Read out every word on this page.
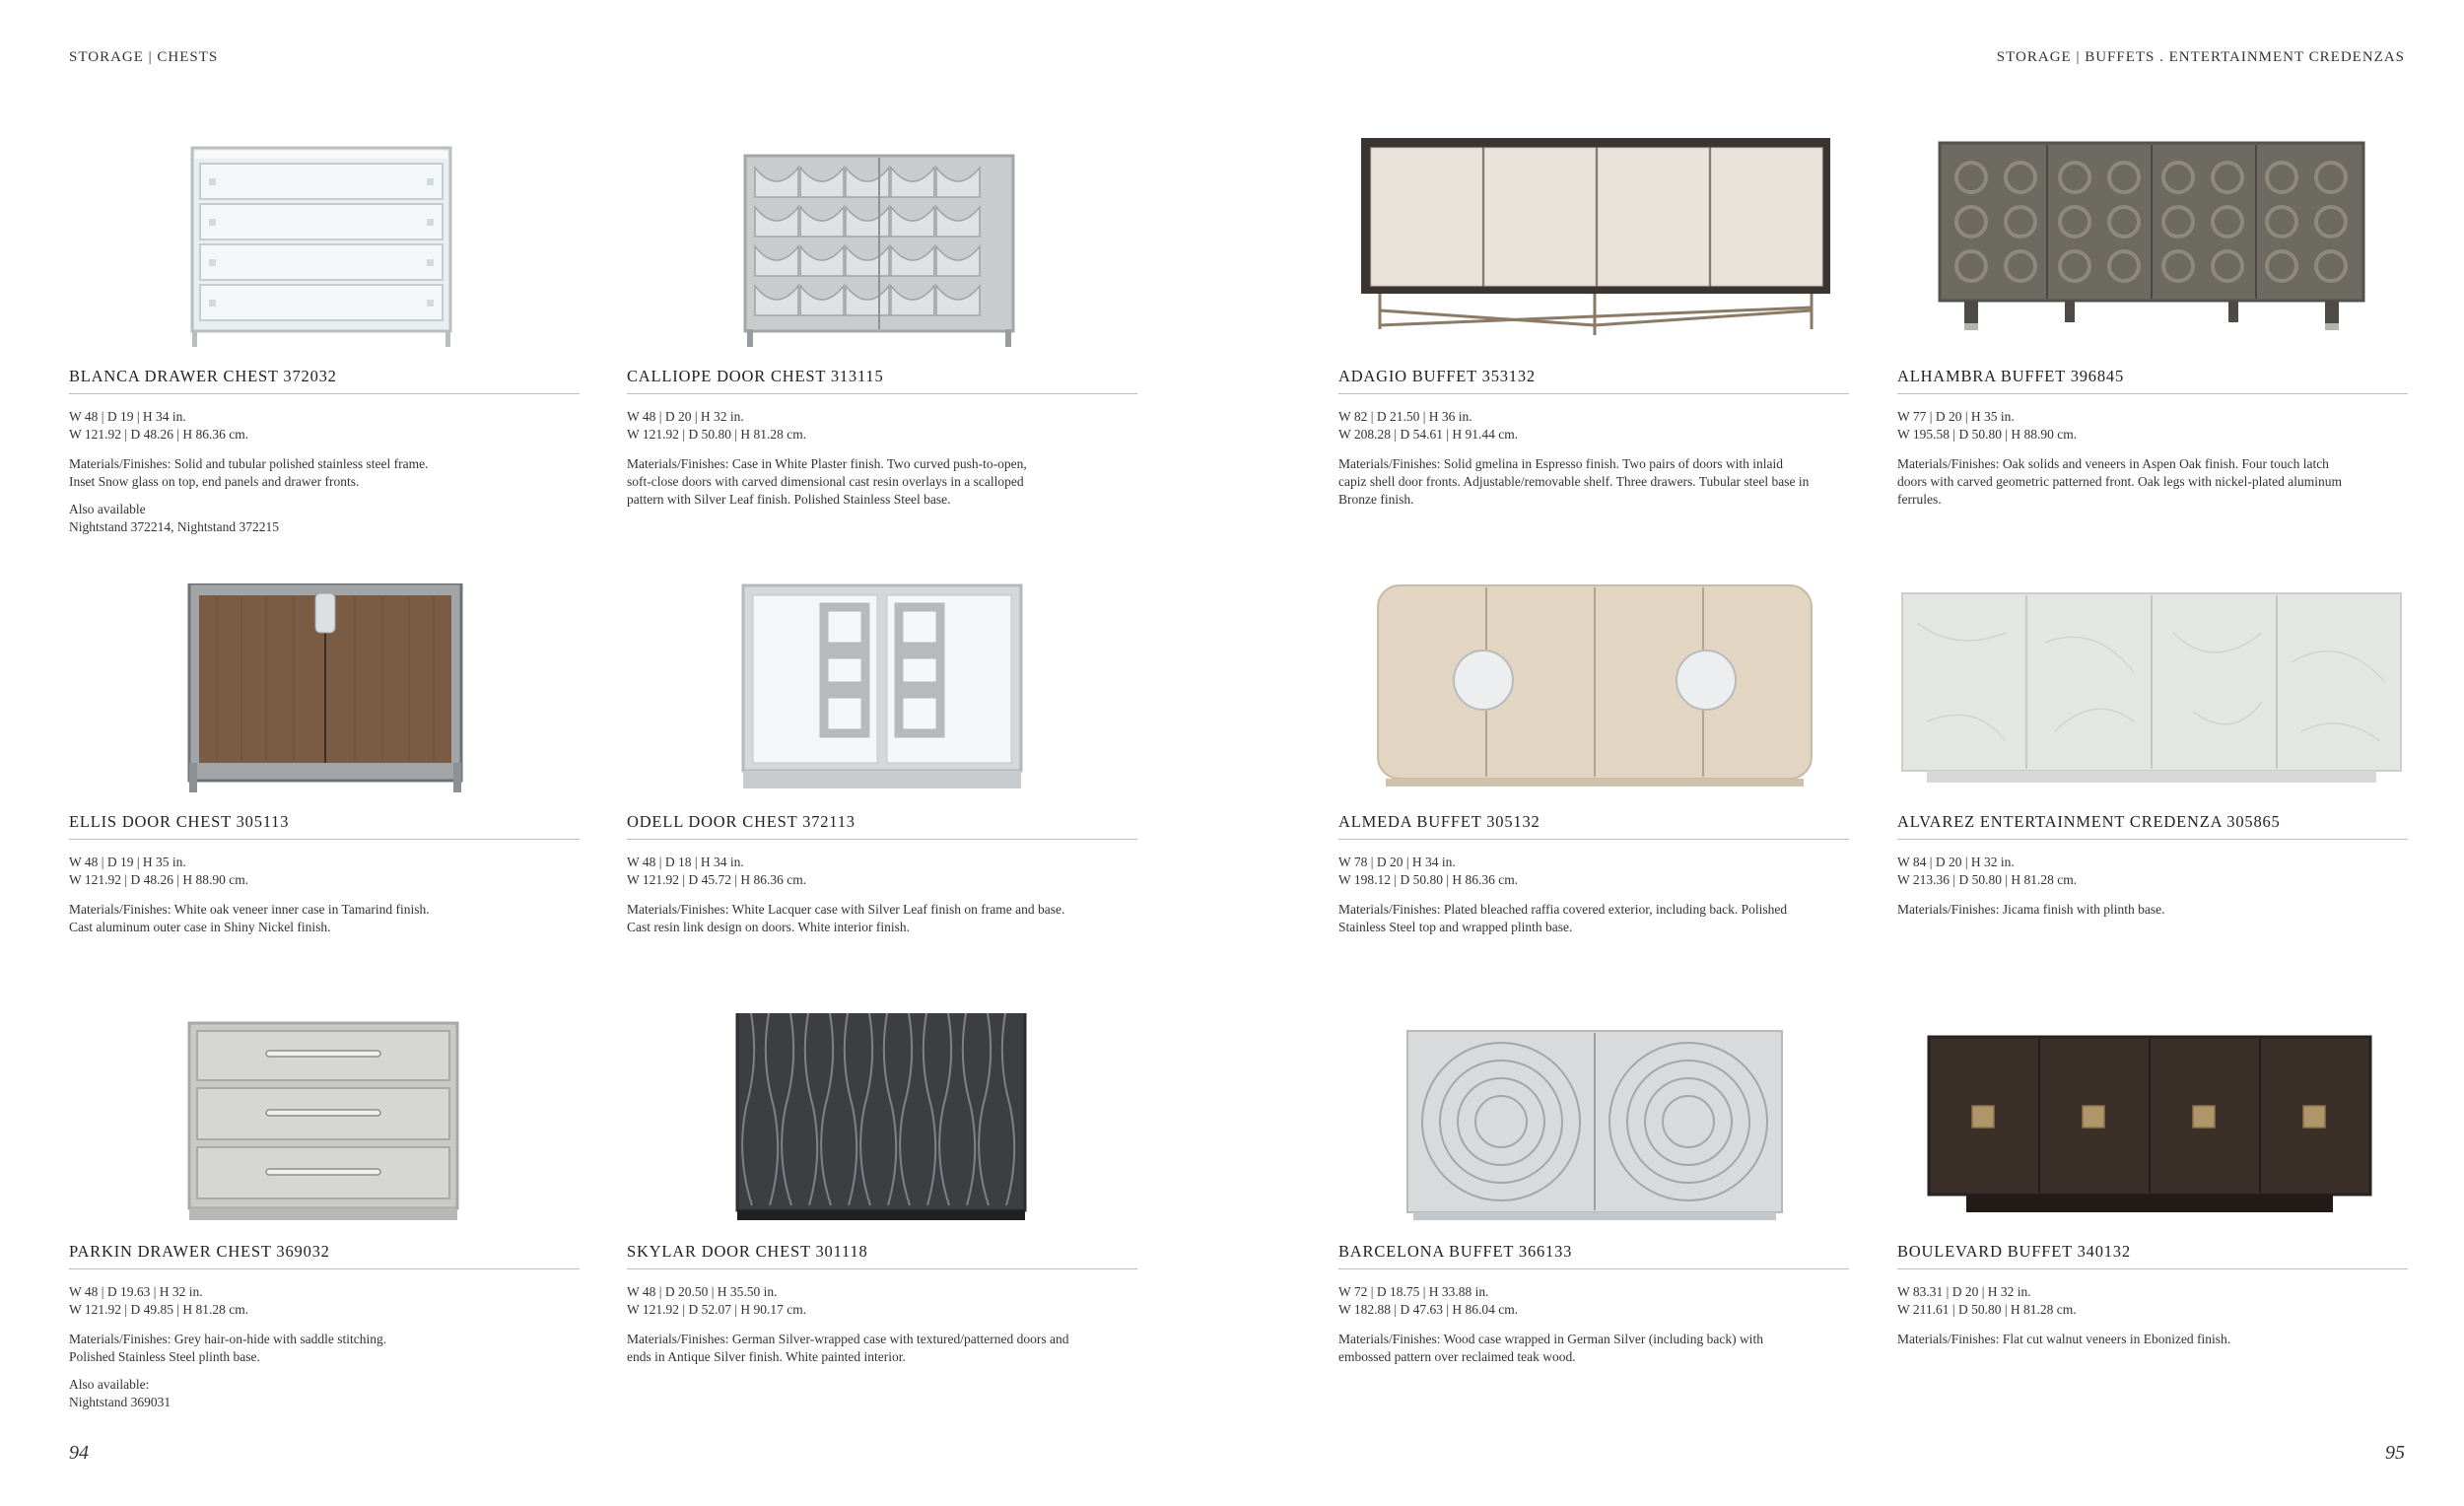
STORAGE | CHESTS	STORAGE | BUFFETS . ENTERTAINMENT CREDENZAS
BLANCA DRAWER CHEST 372032
W 48 | D 19 | H 34 in.
W 121.92 | D 48.26 | H 86.36 cm.
Materials/Finishes: Solid and tubular polished stainless steel frame.
Inset Snow glass on top, end panels and drawer fronts.
Also available
Nightstand 372214, Nightstand 372215
CALLIOPE DOOR CHEST 313115
W 48 | D 20 | H 32 in.
W 121.92 | D 50.80 | H 81.28 cm.
Materials/Finishes: Case in White Plaster finish. Two curved push-to-open,
soft-close doors with carved dimensional cast resin overlays in a scalloped
pattern with Silver Leaf finish. Polished Stainless Steel base.
ADAGIO BUFFET 353132
W 82 | D 21.50 | H 36 in.
W 208.28 | D 54.61 | H 91.44 cm.
Materials/Finishes: Solid gmelina in Espresso finish. Two pairs of doors with inlaid
capiz shell door fronts. Adjustable/removable shelf. Three drawers. Tubular steel base in
Bronze finish.
ALHAMBRA BUFFET 396845
W 77 | D 20 | H 35 in.
W 195.58 | D 50.80 | H 88.90 cm.
Materials/Finishes: Oak solids and veneers in Aspen Oak finish. Four touch latch
doors with carved geometric patterned front. Oak legs with nickel-plated aluminum
ferrules.
ELLIS DOOR CHEST 305113
W 48 | D 19 | H 35 in.
W 121.92 | D 48.26 | H 88.90 cm.
Materials/Finishes: White oak veneer inner case in Tamarind finish.
Cast aluminum outer case in Shiny Nickel finish.
ODELL DOOR CHEST 372113
W 48 | D 18 | H 34 in.
W 121.92 | D 45.72 | H 86.36 cm.
Materials/Finishes: White Lacquer case with Silver Leaf finish on frame and base.
Cast resin link design on doors. White interior finish.
ALMEDA BUFFET 305132
W 78 | D 20 | H 34 in.
W 198.12 | D 50.80 | H 86.36 cm.
Materials/Finishes: Plated bleached raffia covered exterior, including back. Polished
Stainless Steel top and wrapped plinth base.
ALVAREZ ENTERTAINMENT CREDENZA 305865
W 84 | D 20 | H 32 in.
W 213.36 | D 50.80 | H 81.28 cm.
Materials/Finishes: Jicama finish with plinth base.
PARKIN DRAWER CHEST 369032
W 48 | D 19.63 | H 32 in.
W 121.92 | D 49.85 | H 81.28 cm.
Materials/Finishes: Grey hair-on-hide with saddle stitching.
Polished Stainless Steel plinth base.
Also available:
Nightstand 369031
SKYLAR DOOR CHEST 301118
W 48 | D 20.50 | H 35.50 in.
W 121.92 | D 52.07 | H 90.17 cm.
Materials/Finishes: German Silver-wrapped case with textured/patterned doors and
ends in Antique Silver finish. White painted interior.
BARCELONA BUFFET 366133
W 72 | D 18.75 | H 33.88 in.
W 182.88 | D 47.63 | H 86.04 cm.
Materials/Finishes: Wood case wrapped in German Silver (including back) with
embossed pattern over reclaimed teak wood.
BOULEVARD BUFFET 340132
W 83.31 | D 20 | H 32 in.
W 211.61 | D 50.80 | H 81.28 cm.
Materials/Finishes: Flat cut walnut veneers in Ebonized finish.
94	95
